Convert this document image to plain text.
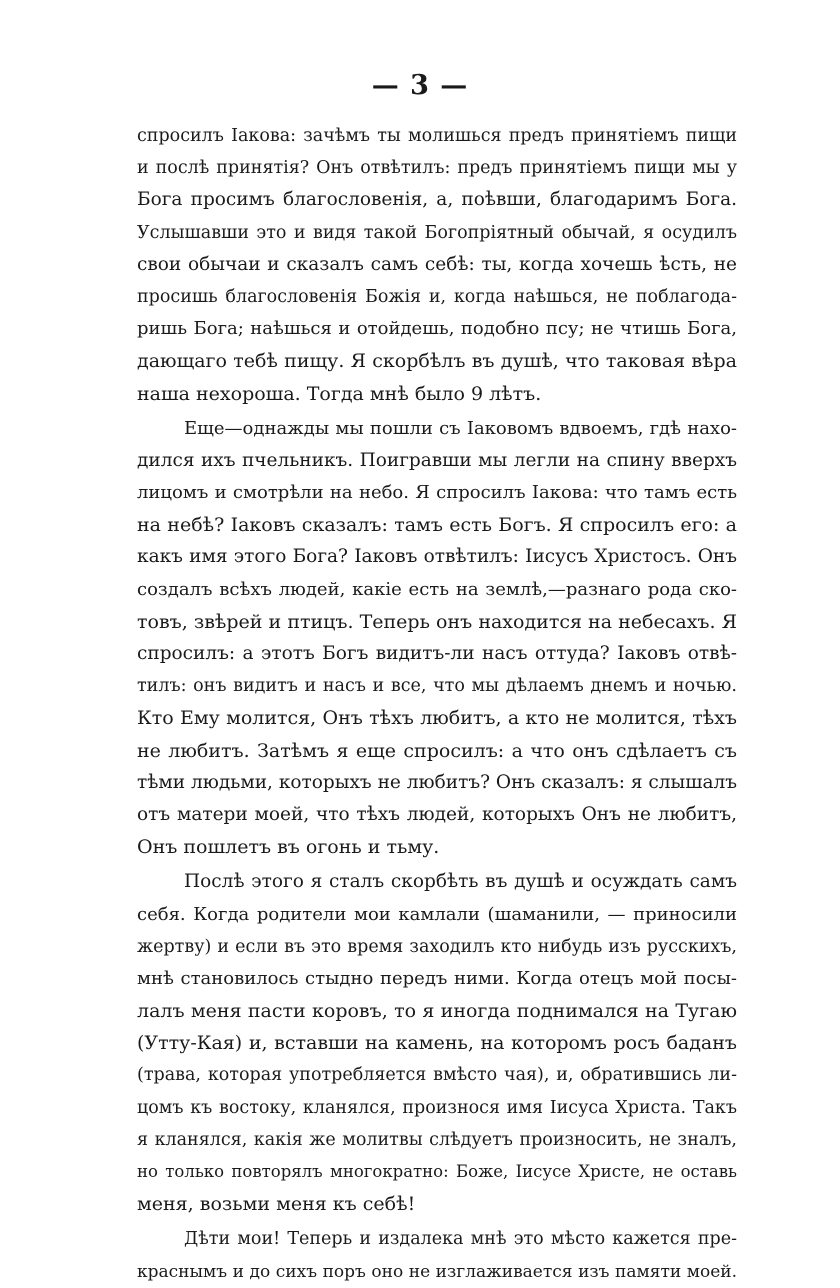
— 3 —
спросилъ Іакова: зачѣмъ ты молишься предъ принятіемъ пищи
и послѣ принятія? Онъ отвѣтилъ: предъ принятіемъ пищи мы у
Бога просимъ благословенія, а, поѣвши, благодаримъ Бога.
Услышавши это и видя такой Богопріятный обычай, я осудилъ
свои обычаи и сказалъ самъ себѣ: ты, когда хочешь ѣсть, не
просишь благословенія Божія и, когда наѣшься, не поблагода-
ришь Бога; наѣшься и отойдешь, подобно псу; не чтишь Бога,
дающаго тебѣ пищу. Я скорбѣлъ въ душѣ, что таковая вѣра
наша нехороша. Тогда мнѣ было 9 лѣтъ.
Еще—однажды мы пошли съ Іаковомъ вдвоемъ, гдѣ нахо-
дился ихъ пчельникъ. Поигравши мы легли на спину вверхъ
лицомъ и смотрѣли на небо. Я спросилъ Іакова: что тамъ есть
на небѣ? Іаковъ сказалъ: тамъ есть Богъ. Я спросилъ его: а
какъ имя этого Бога? Іаковъ отвѣтилъ: Іисусъ Христосъ. Онъ
создалъ всѣхъ людей, какіе есть на землѣ,—разнаго рода ско-
товъ, звѣрей и птицъ. Теперь онъ находится на небесахъ. Я
спросилъ: а этотъ Богъ видитъ-ли насъ оттуда? Іаковъ отвѣ-
тилъ: онъ видитъ и насъ и все, что мы дѣлаемъ днемъ и ночью.
Кто Ему молится, Онъ тѣхъ любитъ, а кто не молится, тѣхъ
не любитъ. Затѣмъ я еще спросилъ: а что онъ сдѣлаетъ съ
тѣми людьми, которыхъ не любитъ? Онъ сказалъ: я слышалъ
отъ матери моей, что тѣхъ людей, которыхъ Онъ не любитъ,
Онъ пошлетъ въ огонь и тьму.
Послѣ этого я сталъ скорбѣть въ душѣ и осуждать самъ
себя. Когда родители мои камлали (шаманили, — приносили
жертву) и если въ это время заходилъ кто нибудь изъ русскихъ,
мнѣ становилось стыдно передъ ними. Когда отецъ мой посы-
лалъ меня пасти коровъ, то я иногда поднимался на Тугаю
(Утту-Кая) и, вставши на камень, на которомъ росъ баданъ
(трава, которая употребляется вмѣсто чая), и, обратившись ли-
цомъ къ востоку, кланялся, произнося имя Іисуса Христа. Такъ
я кланялся, какія же молитвы слѣдуетъ произносить, не зналъ,
но только повторялъ многократно: Боже, Іисусе Христе, не оставь
меня, возьми меня къ себѣ!
Дѣти мои! Теперь и издалека мнѣ это мѣсто кажется пре-
краснымъ и до сихъ поръ оно не изглаживается изъ памяти моей.
